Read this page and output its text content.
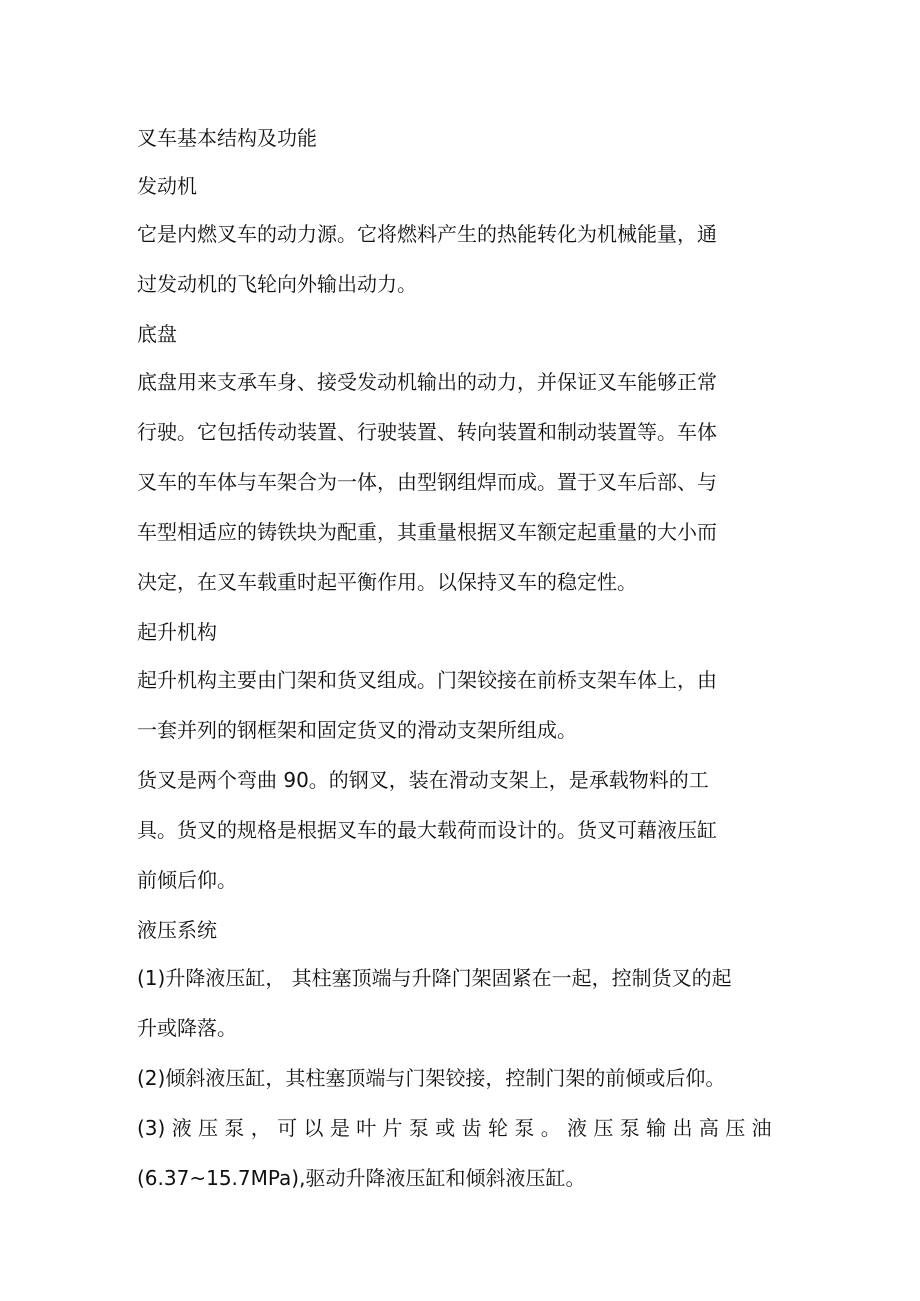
叉车基本结构及功能

发动机

它是内燃叉车的动力源。它将燃料产生的热能转化为机械能量，通
过发动机的飞轮向外输出动力。

底盘

底盘用来支承车身、接受发动机输出的动力，并保证叉车能够正常
行驶。它包括传动装置、行驶装置、转向装置和制动装置等。车体
叉车的车体与车架合为一体，由型钢组焊而成。置于叉车后部、与
车型相适应的铸铁块为配重，其重量根据叉车额定起重量的大小而
决定，在叉车载重时起平衡作用。以保持叉车的稳定性。

起升机构

起升机构主要由门架和货叉组成。门架铰接在前桥支架车体上，由
一套并列的钢框架和固定货叉的滑动支架所组成。

货叉是两个弯曲 90。的钢叉，装在滑动支架上，是承载物料的工
具。货叉的规格是根据叉车的最大载荷而设计的。货叉可藉液压缸
前倾后仰。

液压系统

(1)升降液压缸， 其柱塞顶端与升降门架固紧在一起，控制货叉的起
升或降落。

(2)倾斜液压缸，其柱塞顶端与门架铰接，控制门架的前倾或后仰。

(3) 液 压 泵 ， 可 以 是 叶 片 泵 或 齿 轮 泵 。 液 压 泵 输 出 高 压 油
(6.37~15.7MPa),驱动升降液压缸和倾斜液压缸。
